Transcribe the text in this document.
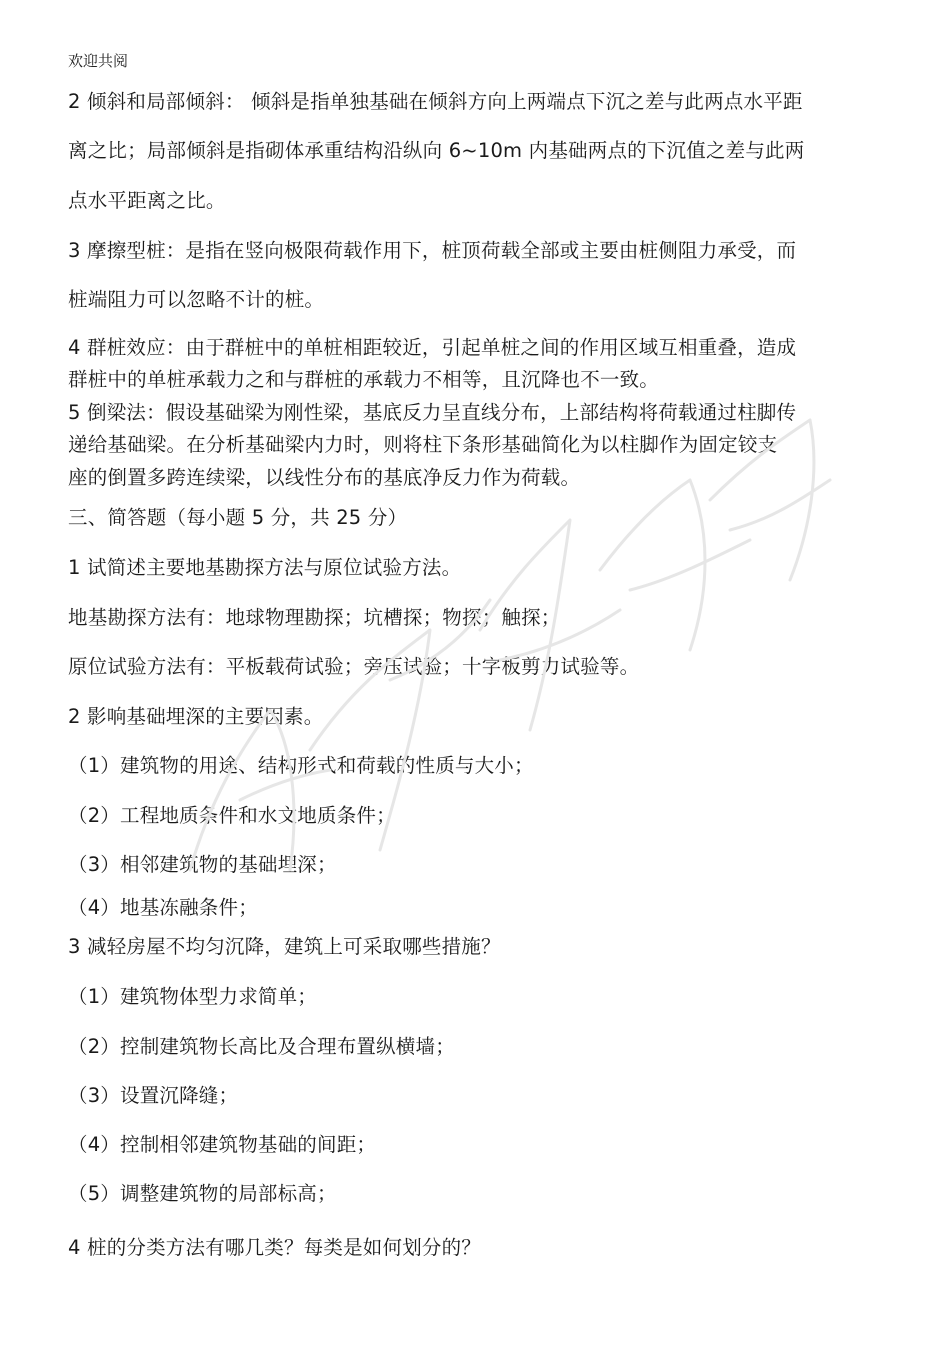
欢迎共阅
2 倾斜和局部倾斜： 倾斜是指单独基础在倾斜方向上两端点下沉之差与此两点水平距
离之比；局部倾斜是指砌体承重结构沿纵向 6~10m 内基础两点的下沉值之差与此两
点水平距离之比。
3 摩擦型桩：是指在竖向极限荷载作用下，桩顶荷载全部或主要由桩侧阻力承受，而
桩端阻力可以忽略不计的桩。
4 群桩效应：由于群桩中的单桩相距较近，引起单桩之间的作用区域互相重叠，造成
群桩中的单桩承载力之和与群桩的承载力不相等，且沉降也不一致。
5 倒梁法：假设基础梁为刚性梁，基底反力呈直线分布，上部结构将荷载通过柱脚传
递给基础梁。在分析基础梁内力时，则将柱下条形基础简化为以柱脚作为固定铰支
座的倒置多跨连续梁，以线性分布的基底净反力作为荷载。
三、简答题（每小题 5 分，共 25 分）
1 试简述主要地基勘探方法与原位试验方法。
地基勘探方法有：地球物理勘探；坑槽探；物探；触探；
原位试验方法有：平板载荷试验；旁压试验；十字板剪力试验等。
2 影响基础埋深的主要因素。
（1）建筑物的用途、结构形式和荷载的性质与大小；
（2）工程地质条件和水文地质条件；
（3）相邻建筑物的基础埋深；
（4）地基冻融条件；
3 减轻房屋不均匀沉降，建筑上可采取哪些措施？
（1）建筑物体型力求简单；
（2）控制建筑物长高比及合理布置纵横墙；
（3）设置沉降缝；
（4）控制相邻建筑物基础的间距；
（5）调整建筑物的局部标高；
4 桩的分类方法有哪几类？每类是如何划分的？
